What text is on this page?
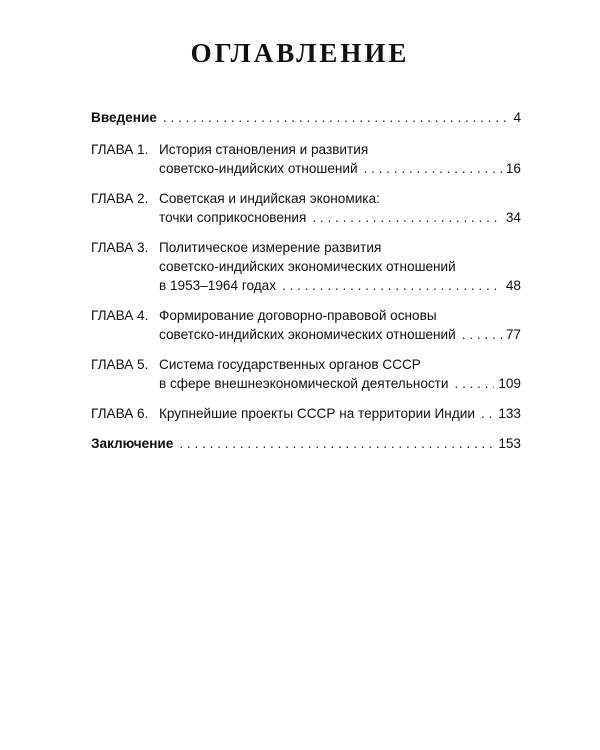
ОГЛАВЛЕНИЕ
Введение . . .	4
ГЛАВА 1. История становления и развития
советско-индийских отношений . . .	16
ГЛАВА 2. Советская и индийская экономика:
точки соприкосновения . . .	34
ГЛАВА 3. Политическое измерение развития
советско-индийских экономических отношений
в 1953–1964 годах . . .	48
ГЛАВА 4. Формирование договорно-правовой основы
советско-индийских экономических отношений . . .	77
ГЛАВА 5. Система государственных органов СССР
в сфере внешнеэкономической деятельности . . .	109
ГЛАВА 6. Крупнейшие проекты СССР на территории Индии . . . 133
Заключение . . .	153
